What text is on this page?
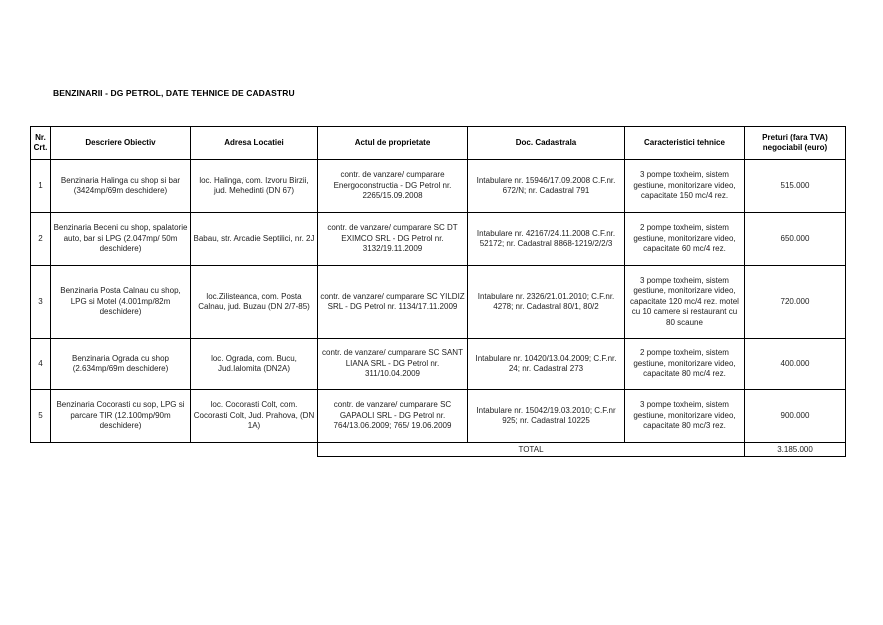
BENZINARII - DG PETROL, DATE TEHNICE DE CADASTRU
Nr. Crt.	Descriere Obiectiv	Adresa Locatiei	Actul de proprietate	Doc. Cadastrala	Caracteristici tehnice	Preturi (fara TVA)
negociabil (euro)

1	Benzinaria Halinga cu shop si bar (3424mp/69m deschidere)	loc. Halinga, com. Izvoru Birzii, jud. Mehedinti (DN 67)	contr. de vanzare/ cumparare Energoconstructia - DG Petrol nr. 2265/15.09.2008	Intabulare nr. 15946/17.09.2008 C.F.nr. 672/N; nr. Cadastral 791	3 pompe toxheim, sistem gestiune, monitorizare video, capacitate 150 mc/4 rez.	515.000
2	Benzinaria Beceni cu shop, spalatorie auto, bar si LPG (2.047mp/ 50m deschidere)	Babau, str. Arcadie Septilici, nr. 2J	contr. de vanzare/ cumparare SC DT EXIMCO SRL - DG Petrol nr. 3132/19.11.2009	Intabulare nr. 42167/24.11.2008 C.F.nr. 52172; nr. Cadastral 8868-1219/2/2/3	2 pompe toxheim, sistem gestiune, monitorizare video, capacitate 60 mc/4 rez.	650.000
3	Benzinaria Posta Calnau cu shop, LPG si Motel (4.001mp/82m deschidere)	loc.Zilisteanca, com. Posta Calnau, jud. Buzau (DN 2/7-85)	contr. de vanzare/ cumparare SC YILDIZ SRL - DG Petrol nr. 1134/17.11.2009	Intabulare nr. 2326/21.01.2010; C.F.nr. 4278; nr. Cadastral 80/1, 80/2	3 pompe toxheim, sistem gestiune, monitorizare video, capacitate 120 mc/4 rez. motel cu 10 camere si restaurant cu 80 scaune	720.000
4	Benzinaria Ograda cu shop (2.634mp/69m deschidere)	loc. Ograda, com. Bucu, Jud.Ialomita (DN2A)	contr. de vanzare/ cumparare SC SANT LIANA SRL - DG Petrol nr. 311/10.04.2009	Intabulare nr. 10420/13.04.2009; C.F.nr. 24; nr. Cadastral 273	2 pompe toxheim, sistem gestiune, monitorizare video, capacitate 80 mc/4 rez.	400.000
5	Benzinaria Cocorasti cu sop, LPG si parcare TIR (12.100mp/90m deschidere)	loc. Cocorasti Colt, com. Cocorasti Colt, Jud. Prahova, (DN 1A)	contr. de vanzare/ cumparare SC GAPAOLI SRL - DG Petrol nr. 764/13.06.2009; 765/ 19.06.2009	Intabulare nr. 15042/19.03.2010; C.F.nr 925; nr. Cadastral 10225	3 pompe toxheim, sistem gestiune, monitorizare video, capacitate 80 mc/3 rez.	900.000
			TOTAL			3.185.000
